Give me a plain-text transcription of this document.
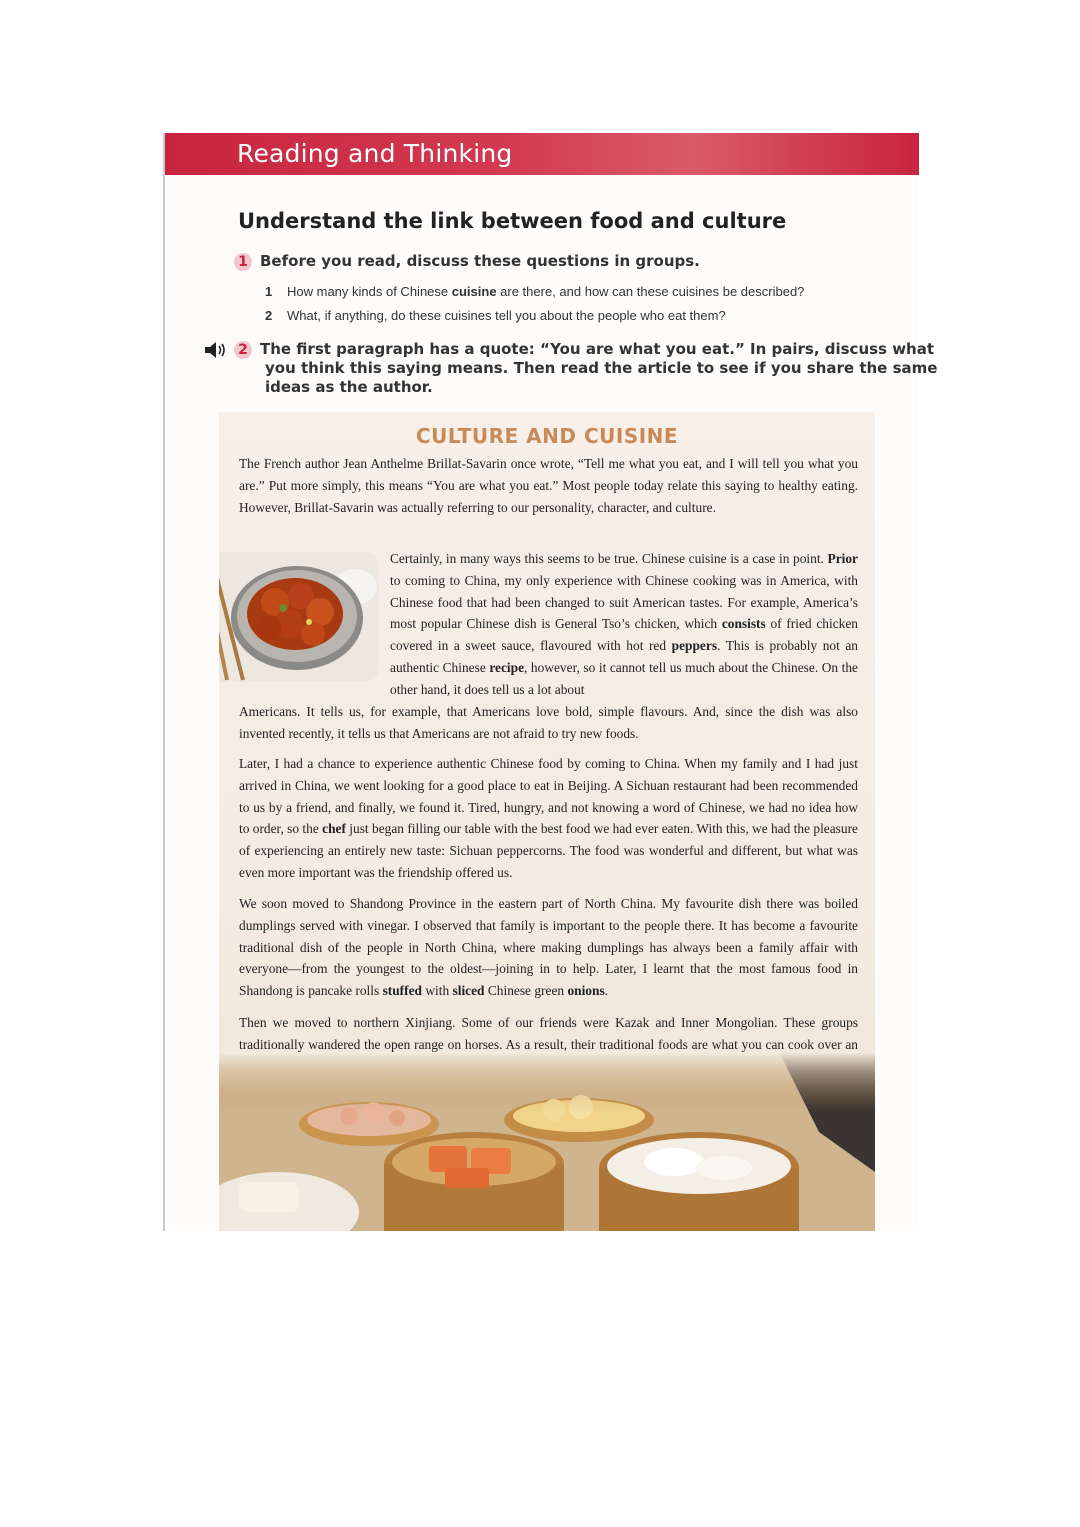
Reading and Thinking
Understand the link between food and culture
1 Before you read, discuss these questions in groups.
1 How many kinds of Chinese cuisine are there, and how can these cuisines be described?
2 What, if anything, do these cuisines tell you about the people who eat them?
2 The first paragraph has a quote: “You are what you eat.” In pairs, discuss what
you think this saying means. Then read the article to see if you share the same
ideas as the author.
CULTURE AND CUISINE

The French author Jean Anthelme Brillat-Savarin once wrote, “Tell me what you eat, and I will tell you what you are.” Put more simply, this means “You are what you eat.” Most people today relate this saying to healthy eating. However, Brillat-Savarin was actually referring to our personality, character, and culture.

Certainly, in many ways this seems to be true. Chinese cuisine is a case in point. Prior to coming to China, my only experience with Chinese cooking was in America, with Chinese food that had been changed to suit American tastes. For example, America’s most popular Chinese dish is General Tso’s chicken, which consists of fried chicken covered in a sweet sauce, flavoured with hot red peppers. This is probably not an authentic Chinese recipe, however, so it cannot tell us much about the Chinese. On the other hand, it does tell us a lot about

Americans. It tells us, for example, that Americans love bold, simple flavours. And, since the dish was also invented recently, it tells us that Americans are not afraid to try new foods.

Later, I had a chance to experience authentic Chinese food by coming to China. When my family and I had just arrived in China, we went looking for a good place to eat in Beijing. A Sichuan restaurant had been recommended to us by a friend, and finally, we found it. Tired, hungry, and not knowing a word of Chinese, we had no idea how to order, so the chef just began filling our table with the best food we had ever eaten. With this, we had the pleasure of experiencing an entirely new taste: Sichuan peppercorns. The food was wonderful and different, but what was even more important was the friendship offered us.

We soon moved to Shandong Province in the eastern part of North China. My favourite dish there was boiled dumplings served with vinegar. I observed that family is important to the people there. It has become a favourite traditional dish of the people in North China, where making dumplings has always been a family affair with everyone—from the youngest to the oldest—joining in to help. Later, I learnt that the most famous food in Shandong is pancake rolls stuffed with sliced Chinese green onions.

Then we moved to northern Xinjiang. Some of our friends were Kazak and Inner Mongolian. These groups traditionally wandered the open range on horses. As a result, their traditional foods are what you can cook over an
